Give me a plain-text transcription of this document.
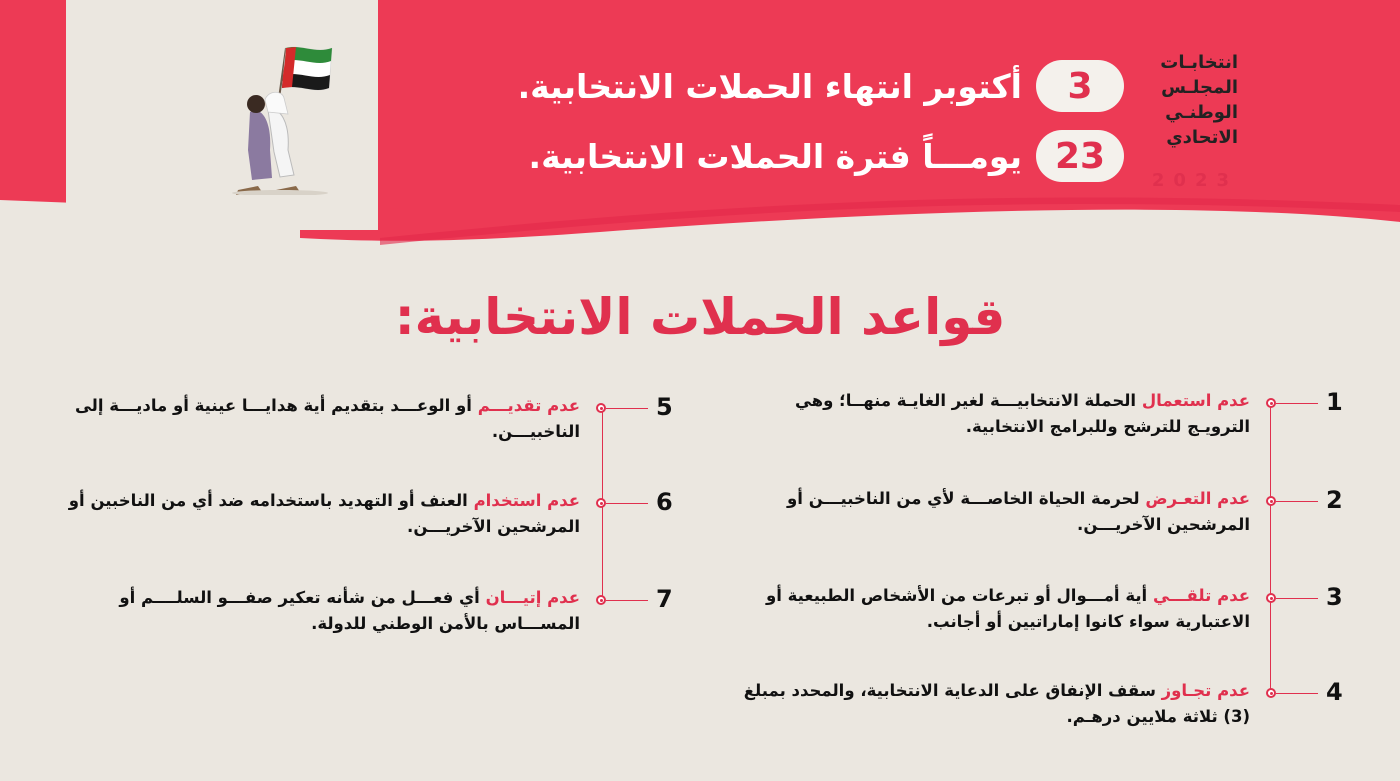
انتخابـات
المجلـس
الوطنـي
الاتحادي
2023
3
أكتوبر انتهاء الحملات الانتخابية.
23
يومـــاً فترة الحملات الانتخابية.
قواعد الحملات الانتخابية:
1
عدم استعمال الحملة الانتخابيـــة لغير الغايـة منهــا؛ وهي الترويـج للترشح وللبرامج الانتخابية.
2
عدم التعـرض لحرمة الحياة الخاصـــة لأي من الناخبيـــن أو المرشحين الآخريـــن.
3
عدم تلقـــي أية أمـــوال أو تبرعات من الأشخاص الطبيعية أو الاعتبارية سواء كانوا إماراتيين أو أجانب.
4
عدم تجـاوز سقف الإنفاق على الدعاية الانتخابية، والمحدد بمبلغ (3) ثلاثة ملايين درهـم.
5
عدم تقديـــم أو الوعـــد بتقديم أية هدايـــا عينية أو ماديـــة إلى الناخبيـــن.
6
عدم استخدام العنف أو التهديد باستخدامه ضد أي من الناخبين أو المرشحين الآخريـــن.
7
عدم إتيـــان أي فعـــل من شأنه تعكير صفـــو السلــــم أو المســـاس بالأمن الوطني للدولة.
